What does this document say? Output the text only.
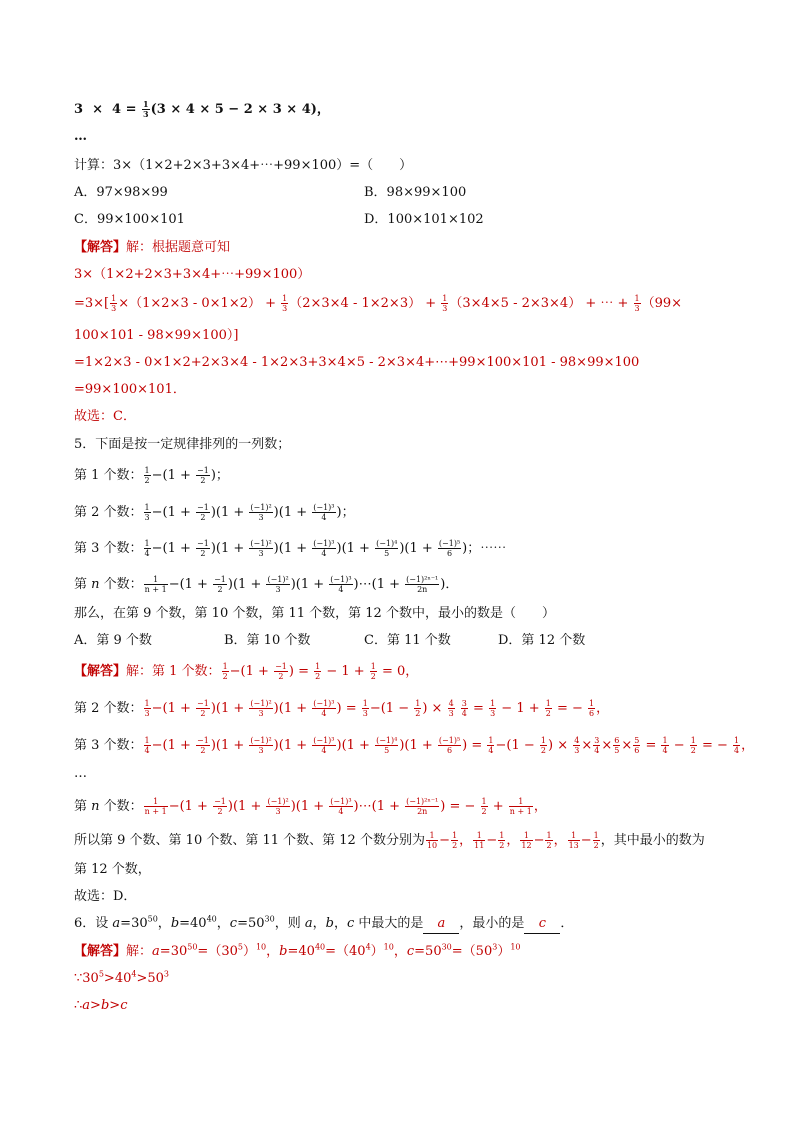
$3 \times 4 = \frac{1}{3} (3 \times 4 \times 5 - 2 \times 3 \times 4)$，
…
计算：3×（1×2+2×3+3×4+⋯+99×100）=（　　）
A．97×98×99	B．98×99×100
C．99×100×101	D．100×101×102
【解答】解：根据题意可知
3×（1×2+2×3+3×4+⋯+99×100）
$=3\times[ \frac{1}{3} \times(1\times 2\times 3 - 0\times 1\times 2) + \frac{1}{3} (2\times 3\times 4 - 1\times 2\times 3) + \frac{1}{3} (3\times 4\times 5 - 2\times 3\times 4)$ + ⋯ + $\frac{1}{3} (99\times$
100×101 - 98×99×100）]
=1×2×3 - 0×1×2+2×3×4 - 1×2×3+3×4×5 - 2×3×4+⋯+99×100×101 - 98×99×100
=99×100×101．
故选：C．
5．下面是按一定规律排列的一列数；
第 1 个数： $\frac{1}{2} -(1 + \frac{-1}{2}$ )；
第 2 个数： $\frac{1}{3} -(1 + \frac{-1}{2} )(1 + \frac{\text{(−1)²}}{3} )(1 + \frac{\text{(−1)³}}{4}$ )；
第 3 个数： $\frac{1}{4} -(1 + \frac{-1}{2} )(1 + \frac{\text{(−1)²}}{3} )(1 + \frac{\text{(−1)³}}{4} )(1 + \frac{\text{(−1)⁴}}{5} )(1 + \frac{\text{(−1)⁵}}{6}$ )；⋯⋯
第 n 个数： $\frac{1}{n + 1} -(1 + \frac{-1}{2} )(1 + \frac{\text{(−1)²}}{3} )(1 + \frac{\text{(−1)³}}{4}$ )⋯(1 + $\frac{\text{(−1)²ⁿ⁻¹}}{2n}$ )．
那么，在第 9 个数，第 10 个数，第 11 个数，第 12 个数中，最小的数是（　　）
A．第 9 个数	B．第 10 个数	C．第 11 个数	D．第 12 个数
【解答】解：第 1 个数： $\frac{1}{2} -(1 + \frac{-1}{2}$ ) = $\frac{1}{2} - 1 + \frac{1}{2} = 0$，
第 2 个数： $\frac{1}{3} -(1 + \frac{-1}{2} )(1 + \frac{\text{(−1)²}}{3} )(1 + \frac{\text{(−1)³}}{4}$ ) = $\frac{1}{3} -(1 - \frac{1}{2}$ ) × $\frac{4}{3}$
$\frac{3}{4} = \frac{1}{3} - 1 + \frac{1}{2}$ = − $\frac{1}{6}$ ，
第 3 个数： $\frac{1}{4} -(1 + \frac{-1}{2} )(1 + \frac{\text{(−1)²}}{3} )(1 + \frac{\text{(−1)³}}{4} )(1 + \frac{\text{(−1)⁴}}{5} )(1 + \frac{\text{(−1)⁵}}{6}$ ) = $\frac{1}{4} -(1 - \frac{1}{2}$ ) × $\frac{4}{3} \times \frac{3}{4} \times \frac{6}{5} \times \frac{5}{6} = \frac{1}{4} - \frac{1}{2}$ = − $\frac{1}{4}$ ，
…
第 n 个数： $\frac{1}{n + 1} -(1 + \frac{-1}{2} )(1 + \frac{\text{(−1)²}}{3} )(1 + \frac{\text{(−1)³}}{4}$ )⋯(1 + $\frac{\text{(−1)²ⁿ⁻¹}}{2n}$ ) = − $\frac{1}{2} + \frac{1}{n + 1}$ ，
所以第 9 个数、第 10 个数、第 11 个数、第 12 个数分别为 $\frac{1}{10} - \frac{1}{2}$ ， $\frac{1}{11} - \frac{1}{2}$ ， $\frac{1}{12} - \frac{1}{2}$ ， $\frac{1}{13} - \frac{1}{2}$ ，其中最小的数为
第 12 个数，
故选：D．
6．设 $a=30^{50}$，$b=40^{40}$，$c=50^{30}$，则 a，b，c 中最大的是 a ，最小的是 c ．
【解答】解：$a=30^{50}=(30^5)^{10}$，$b=40^{40}=(40^4)^{10}$，$c=50^{30}=(50^3)^{10}$
$\because 30^5>40^4>50^3$
∴a>b>c
